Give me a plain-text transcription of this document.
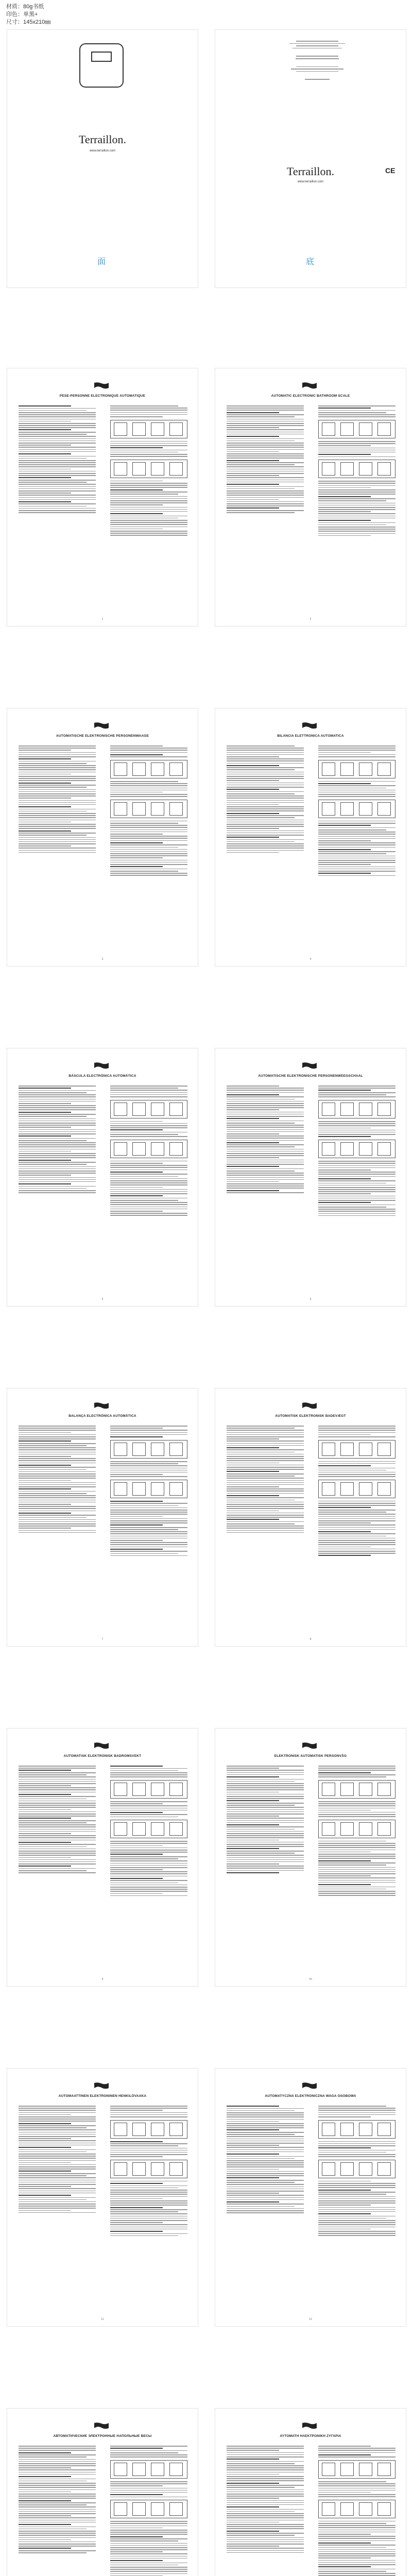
材质：80g书纸
印色：单黑+
尺寸：145x210㎜
Terraillon.
www.terraillon.com
Terraillon.
www.terraillon.com
CE
面	底
PESE-PERSONNE ELECTRONIQUE AUTOMATIQUE
1
AUTOMATIC ELECTRONIC BATHROOM SCALE
2
AUTOMATISCHE ELEKTRONISCHE PERSONENWAAGE
3
BILANCIA ELETTRONICA AUTOMATICA
4
BÁSCULA ELECTRÓNICA AUTOMÁTICA
5
AUTOMATISCHE ELEKTRONISCHE PERSONENWEEGSCHAAL
6
BALANÇA ELECTRÓNICA AUTOMÁTICA
7
AUTOMATISK ELEKTRONISK BADEVÆGT
8
AUTOMATISK ELEKTRONISK BADROMSVEKT
9
ELEKTRONISK AUTOMATISK PERSONVÅG
10
AUTOMAATTINEN ELEKTRONINEN HENKILÖVAAKA
11
AUTOMATYCZNA ELEKTRONICZNA WAGA OSOBOWA
12
АВТОМАТИЧЕСКИЕ ЭЛЕКТРОННЫЕ НАПОЛЬНЫЕ ВЕСЫ	ΑΥΤΟΜΑΤΗ ΗΛΕΚΤΡΟΝΙΚΗ ΖΥΓΑΡΙΑ
